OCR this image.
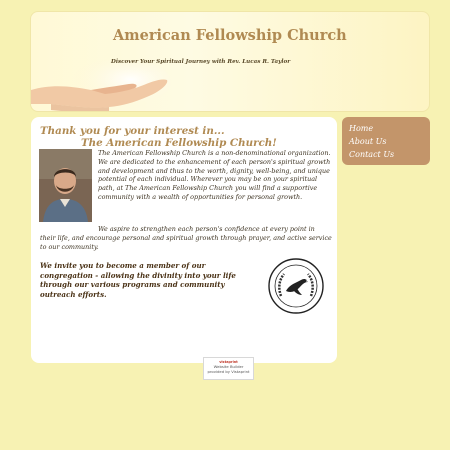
American Fellowship Church
Discover Your Spiritual Journey with Rev. Lucas R. Taylor
Thank you for your interest in...
The American Fellowship Church!
The American Fellowship Church is a non-denominational organization. We are dedicated to the enhancement of each person's spiritual growth and development and thus to the worth, dignity, well-being, and unique potential of each individual. Wherever you may be on your spiritual path, at The American Fellowship Church you will find a supportive community with a wealth of opportunities for personal growth.
We aspire to strengthen each person's confidence at every point in their life, and encourage personal and spiritual growth through prayer, and active service to our community.
We invite you to become a member of our congregation - allowing the divinity into your life through our various programs and community outreach efforts.
Home
About Us
Contact Us
vistaprint
Website Builder
provided by Vistaprint
